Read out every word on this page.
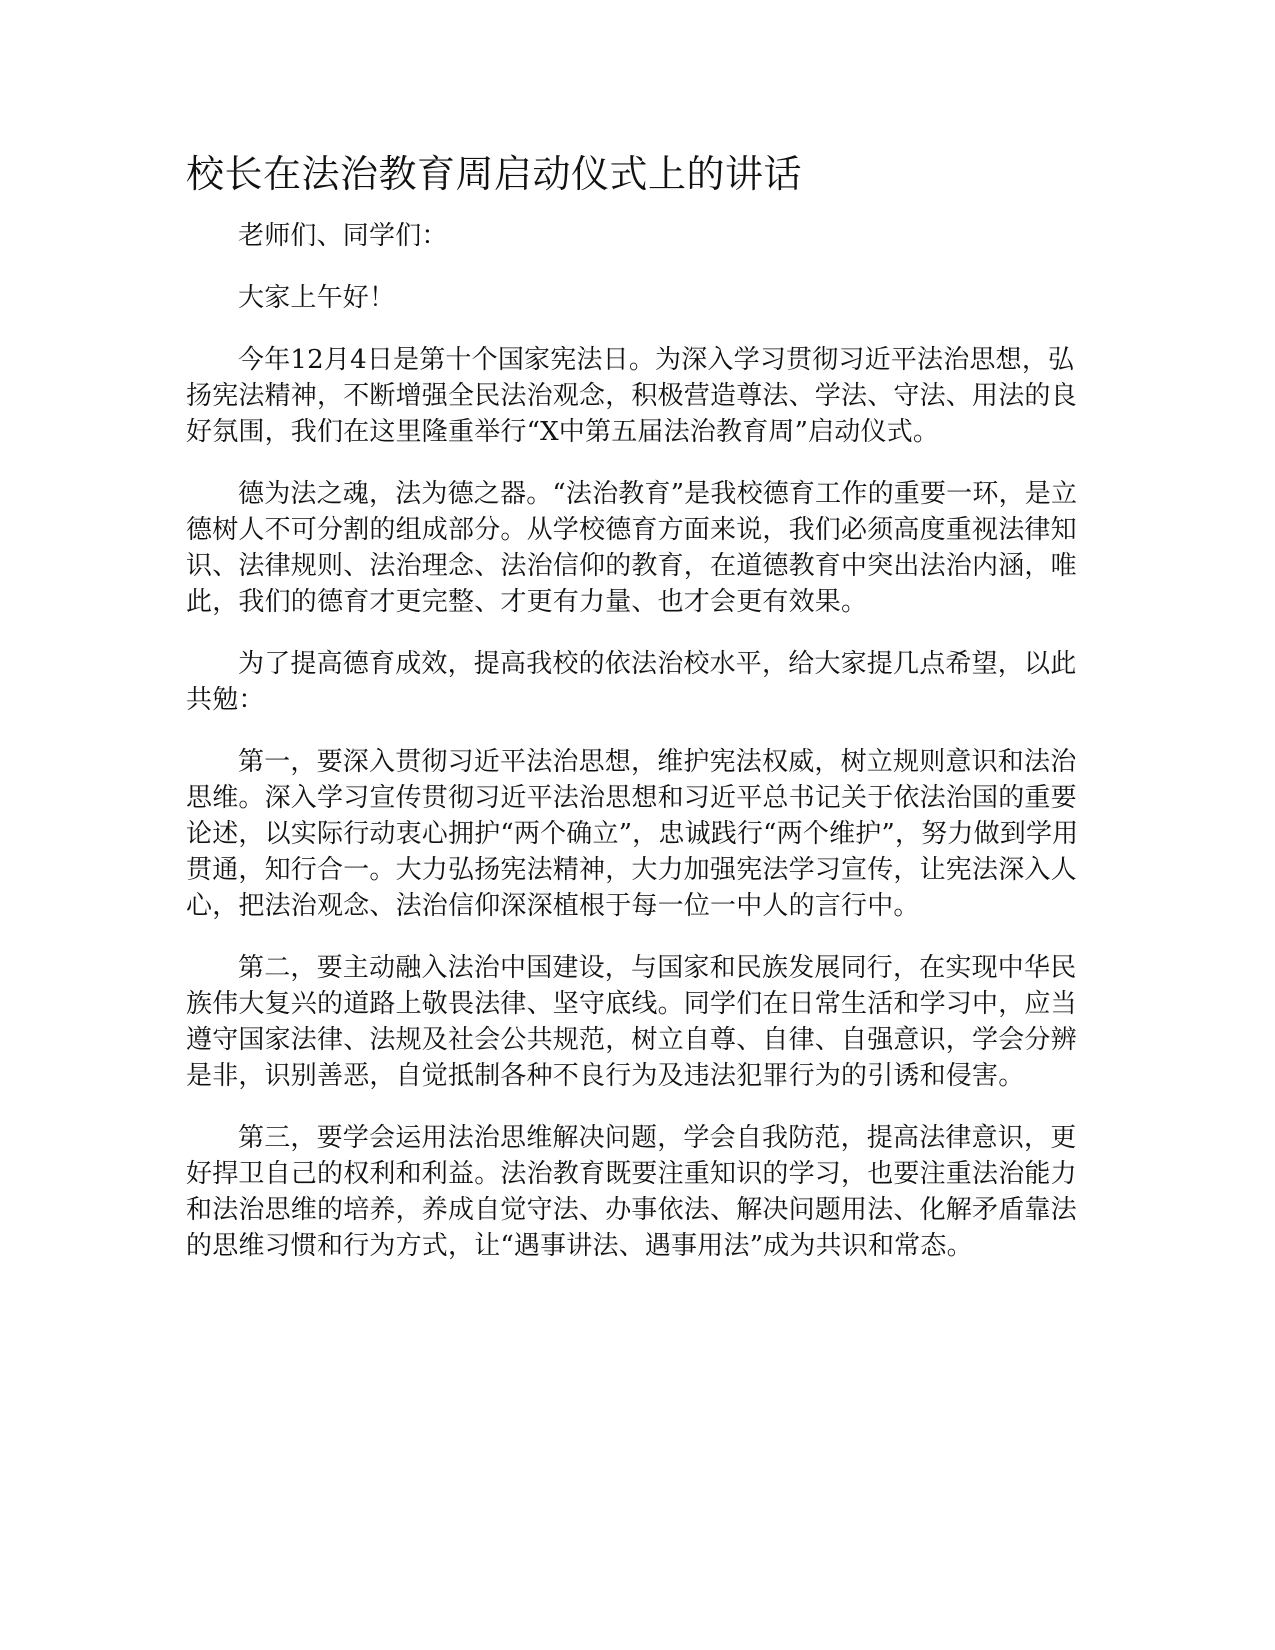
校长在法治教育周启动仪式上的讲话

老师们、同学们：

大家上午好！

今年12月4日是第十个国家宪法日。为深入学习贯彻习近平法治思想，弘扬宪法精神，不断增强全民法治观念，积极营造尊法、学法、守法、用法的良好氛围，我们在这里隆重举行“X中第五届法治教育周”启动仪式。

德为法之魂，法为德之器。“法治教育”是我校德育工作的重要一环，是立德树人不可分割的组成部分。从学校德育方面来说，我们必须高度重视法律知识、法律规则、法治理念、法治信仰的教育，在道德教育中突出法治内涵，唯此，我们的德育才更完整、才更有力量、也才会更有效果。

为了提高德育成效，提高我校的依法治校水平，给大家提几点希望，以此共勉：

第一，要深入贯彻习近平法治思想，维护宪法权威，树立规则意识和法治思维。深入学习宣传贯彻习近平法治思想和习近平总书记关于依法治国的重要论述，以实际行动衷心拥护“两个确立”，忠诚践行“两个维护”，努力做到学用贯通，知行合一。大力弘扬宪法精神，大力加强宪法学习宣传，让宪法深入人心，把法治观念、法治信仰深深植根于每一位一中人的言行中。

第二，要主动融入法治中国建设，与国家和民族发展同行，在实现中华民族伟大复兴的道路上敬畏法律、坚守底线。同学们在日常生活和学习中，应当遵守国家法律、法规及社会公共规范，树立自尊、自律、自强意识，学会分辨是非，识别善恶，自觉抵制各种不良行为及违法犯罪行为的引诱和侵害。

第三，要学会运用法治思维解决问题，学会自我防范，提高法律意识，更好捍卫自己的权利和利益。法治教育既要注重知识的学习，也要注重法治能力和法治思维的培养，养成自觉守法、办事依法、解决问题用法、化解矛盾靠法的思维习惯和行为方式，让“遇事讲法、遇事用法”成为共识和常态。
